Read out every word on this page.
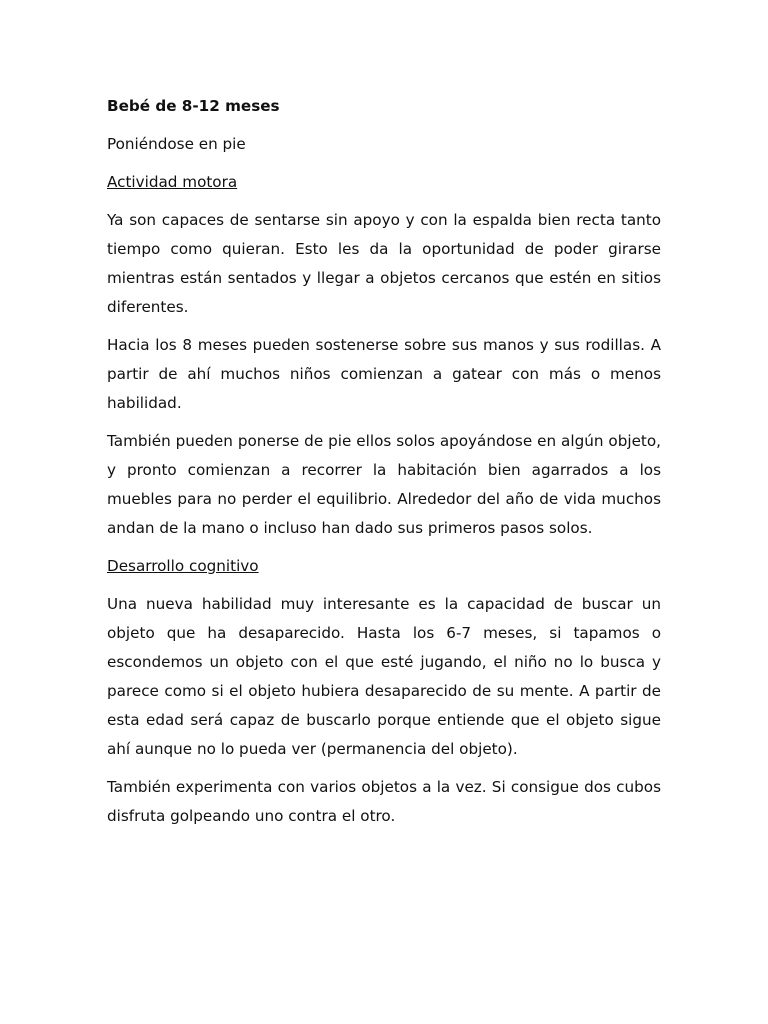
Bebé de 8-12 meses
Poniéndose en pie
Actividad motora

Ya son capaces de sentarse sin apoyo y con la espalda bien recta tanto tiempo como quieran. Esto les da la oportunidad de poder girarse mientras están sentados y llegar a objetos cercanos que estén en sitios diferentes.

Hacia los 8 meses pueden sostenerse sobre sus manos y sus rodillas. A partir de ahí muchos niños comienzan a gatear con más o menos habilidad.

También pueden ponerse de pie ellos solos apoyándose en algún objeto, y pronto comienzan a recorrer la habitación bien agarrados a los muebles para no perder el equilibrio. Alrededor del año de vida muchos andan de la mano o incluso han dado sus primeros pasos solos.

Desarrollo cognitivo

Una nueva habilidad muy interesante es la capacidad de buscar un objeto que ha desaparecido. Hasta los 6-7 meses, si tapamos o escondemos un objeto con el que esté jugando, el niño no lo busca y parece como si el objeto hubiera desaparecido de su mente. A partir de esta edad será capaz de buscarlo porque entiende que el objeto sigue ahí aunque no lo pueda ver (permanencia del objeto).

También experimenta con varios objetos a la vez. Si consigue dos cubos disfruta golpeando uno contra el otro.
